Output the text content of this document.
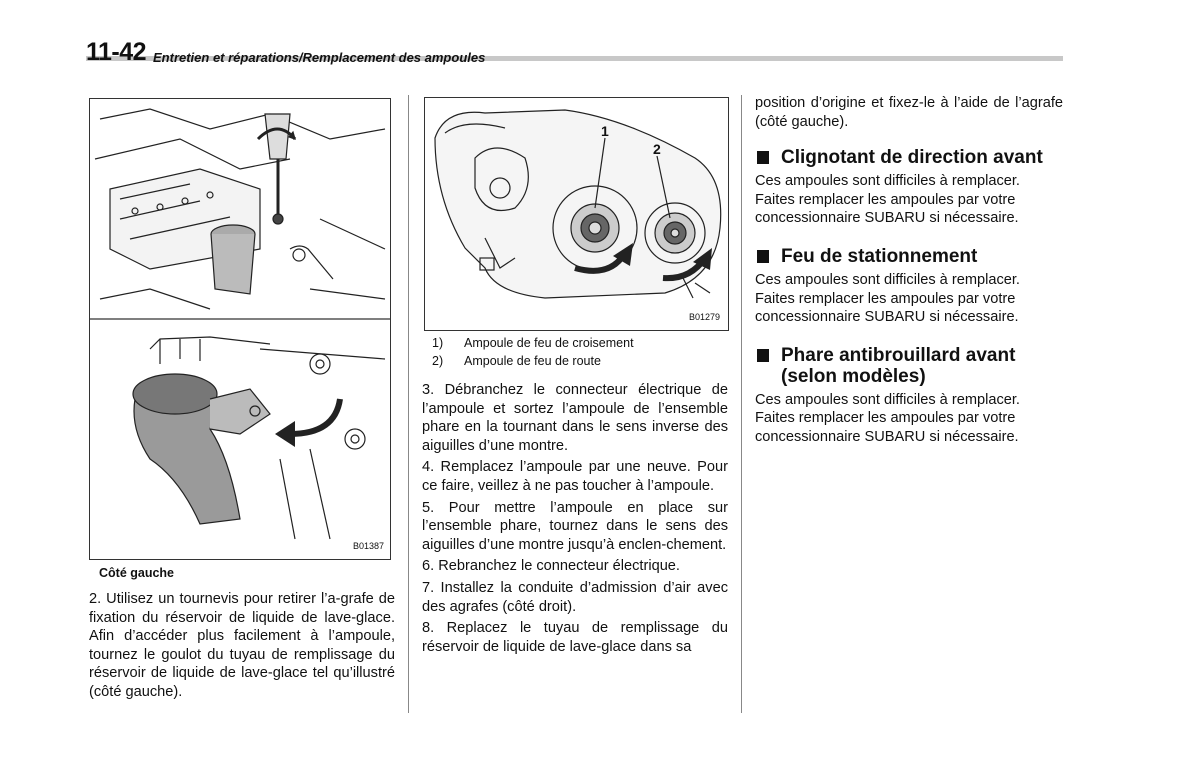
11-42 Entretien et réparations/Remplacement des ampoules
B01387
Côté gauche
2. Utilisez un tournevis pour retirer l’a-grafe de fixation du réservoir de liquide de lave-glace. Afin d’accéder plus facilement à l’ampoule, tournez le goulot du tuyau de remplissage du réservoir de liquide de lave-glace tel qu’illustré (côté gauche).
1
2
B01279
1) Ampoule de feu de croisement
2) Ampoule de feu de route

3. Débranchez le connecteur électrique de l’ampoule et sortez l’ampoule de l’ensemble phare en la tournant dans le sens inverse des aiguilles d’une montre.

4. Remplacez l’ampoule par une neuve. Pour ce faire, veillez à ne pas toucher à l’ampoule.

5. Pour mettre l’ampoule en place sur l’ensemble phare, tournez dans le sens des aiguilles d’une montre jusqu’à enclen-chement.

6. Rebranchez le connecteur électrique.

7. Installez la conduite d’admission d’air avec des agrafes (côté droit).

8. Replacez le tuyau de remplissage du réservoir de liquide de lave-glace dans sa

position d’origine et fixez-le à l’aide de l’agrafe (côté gauche).
Clignotant de direction avant
Ces ampoules sont difficiles à remplacer. Faites remplacer les ampoules par votre concessionnaire SUBARU si nécessaire.
Feu de stationnement
Ces ampoules sont difficiles à remplacer. Faites remplacer les ampoules par votre concessionnaire SUBARU si nécessaire.
Phare antibrouillard avant (selon modèles)
Ces ampoules sont difficiles à remplacer. Faites remplacer les ampoules par votre concessionnaire SUBARU si nécessaire.
